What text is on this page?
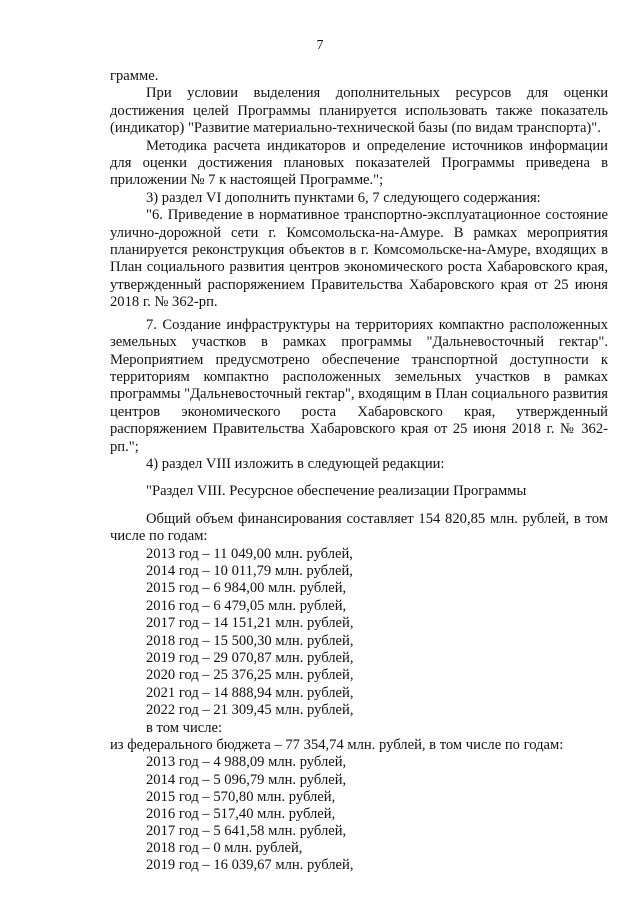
7

грамме.

При условии выделения дополнительных ресурсов для оценки достижения целей Программы планируется использовать также показатель (индикатор) "Развитие материально-технической базы (по видам транспорта)".

Методика расчета индикаторов и определение источников информации для оценки достижения плановых показателей Программы приведена в приложении № 7 к настоящей Программе.";

3) раздел VI дополнить пунктами 6, 7 следующего содержания:

"6. Приведение в нормативное транспортно-эксплуатационное состояние улично-дорожной сети г. Комсомольска-на-Амуре. В рамках мероприятия планируется реконструкция объектов в г. Комсомольске-на-Амуре, входящих в План социального развития центров экономического роста Хабаровского края, утвержденный распоряжением Правительства Хабаровского края от 25 июня 2018 г. № 362-рп.

7. Создание инфраструктуры на территориях компактно расположенных земельных участков в рамках программы "Дальневосточный гектар". Мероприятием предусмотрено обеспечение транспортной доступности к территориям компактно расположенных земельных участков в рамках программы "Дальневосточный гектар", входящим в План социального развития центров экономического роста Хабаровского края, утвержденный распоряжением Правительства Хабаровского края от 25 июня 2018 г. № 362-рп.";

4) раздел VIII изложить в следующей редакции:

"Раздел VIII. Ресурсное обеспечение реализации Программы

Общий объем финансирования составляет 154 820,85 млн. рублей, в том числе по годам:

2013 год – 11 049,00 млн. рублей,
2014 год – 10 011,79 млн. рублей,
2015 год – 6 984,00 млн. рублей,
2016 год – 6 479,05 млн. рублей,
2017 год – 14 151,21 млн. рублей,
2018 год – 15 500,30 млн. рублей,
2019 год – 29 070,87 млн. рублей,
2020 год – 25 376,25 млн. рублей,
2021 год – 14 888,94 млн. рублей,
2022 год – 21 309,45 млн. рублей,
в том числе:

из федерального бюджета – 77 354,74 млн. рублей, в том числе по годам:

2013 год – 4 988,09 млн. рублей,
2014 год – 5 096,79 млн. рублей,
2015 год – 570,80 млн. рублей,
2016 год – 517,40 млн. рублей,
2017 год – 5 641,58 млн. рублей,
2018 год – 0 млн. рублей,
2019 год – 16 039,67 млн. рублей,
